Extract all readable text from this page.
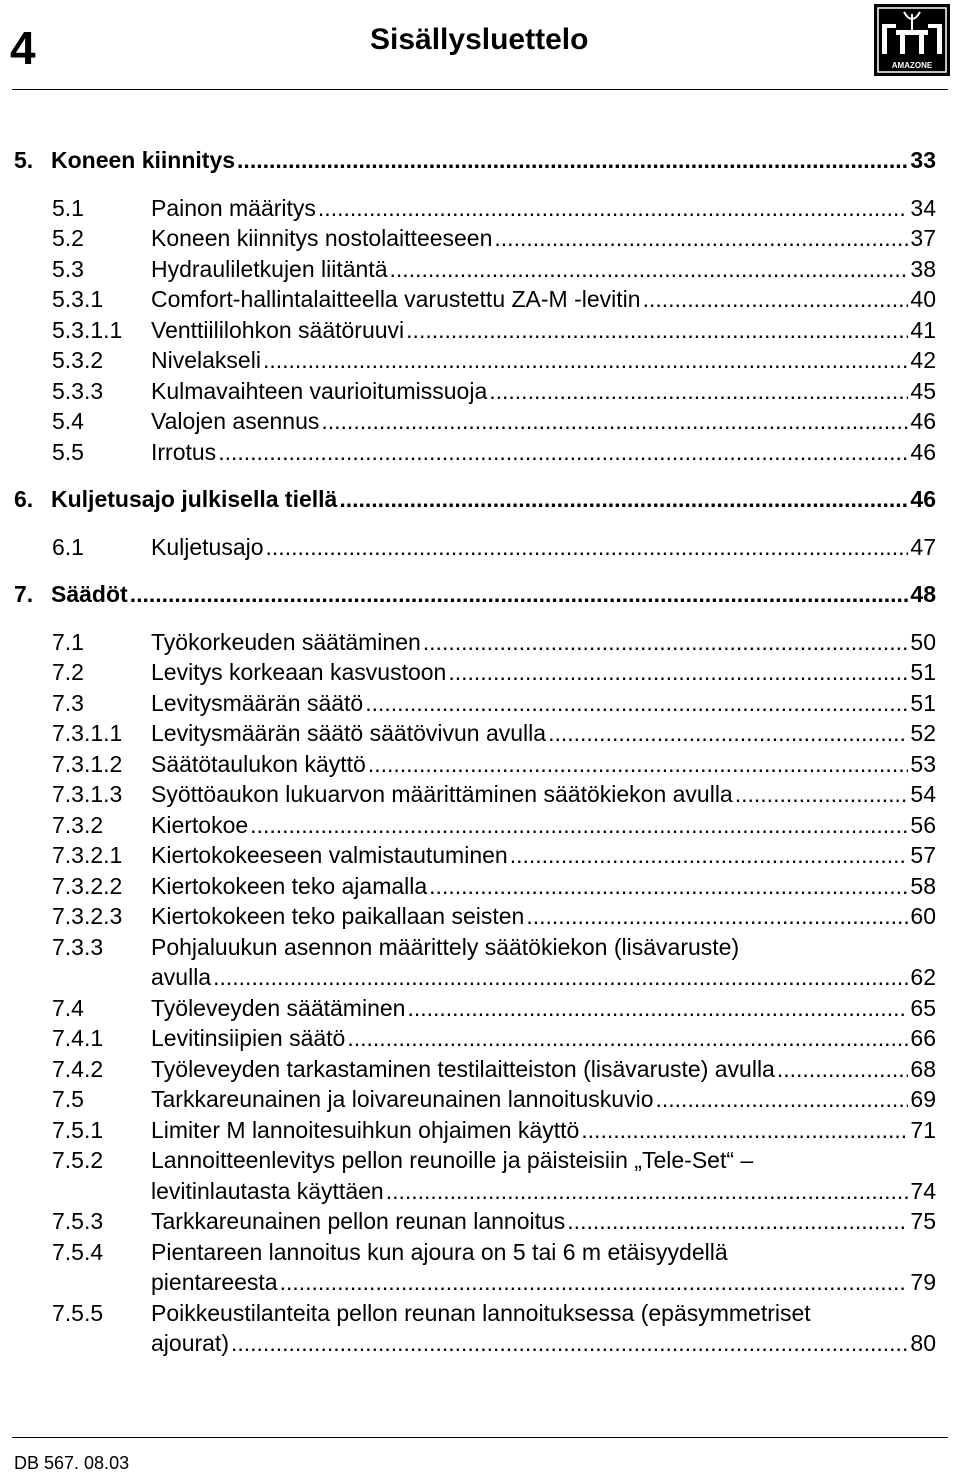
4	Sisällysluettelo
AMAZONE
5. Koneen kiinnitys .....	33
5.1	Painon määritys .....	34
5.2	Koneen kiinnitys nostolaitteeseen .....	37
5.3	Hydrauliletkujen liitäntä .....	38
5.3.1 Comfort-hallintalaitteella varustettu ZA-M -levitin .....	40
5.3.1.1 Venttiililohkon säätöruuvi .....	41
5.3.2 Nivelakseli .....	42
5.3.3 Kulmavaihteen vaurioitumissuoja .....	45
5.4	Valojen asennus .....	46
5.5	Irrotus .....	46
6. Kuljetusajo julkisella tiellä .....	46
6.1	Kuljetusajo .....	47
7. Säädöt .....	48
7.1	Työkorkeuden säätäminen .....	50
7.2	Levitys korkeaan kasvustoon .....	51
7.3	Levitysmäärän säätö .....	51
7.3.1.1 Levitysmäärän säätö säätövivun avulla .....	52
7.3.1.2 Säätötaulukon käyttö .....	53
7.3.1.3 Syöttöaukon lukuarvon määrittäminen säätökiekon avulla .....	54
7.3.2 Kiertokoe .....	56
7.3.2.1 Kiertokokeeseen valmistautuminen .....	57
7.3.2.2 Kiertokokeen teko ajamalla .....	58
7.3.2.3 Kiertokokeen teko paikallaan seisten .....	60
7.3.3 Pohjaluukun asennon määrittely säätökiekon (lisävaruste)
avulla .....	62
7.4	Työleveyden säätäminen .....	65
7.4.1 Levitinsiipien säätö .....	66
7.4.2 Työleveyden tarkastaminen testilaitteiston (lisävaruste) avulla .....	68
7.5	Tarkkareunainen ja loivareunainen lannoituskuvio .....	69
7.5.1 Limiter M lannoitesuihkun ohjaimen käyttö .....	71
7.5.2 Lannoitteenlevitys pellon reunoille ja päisteisiin „Tele-Set“ –
levitinlautasta käyttäen .....	74
7.5.3 Tarkkareunainen pellon reunan lannoitus .....	75
7.5.4 Pientareen lannoitus kun ajoura on 5 tai 6 m etäisyydellä
pientareesta .....	79
7.5.5 Poikkeustilanteita pellon reunan lannoituksessa (epäsymmetriset
ajourat) .....	80
DB 567. 08.03
